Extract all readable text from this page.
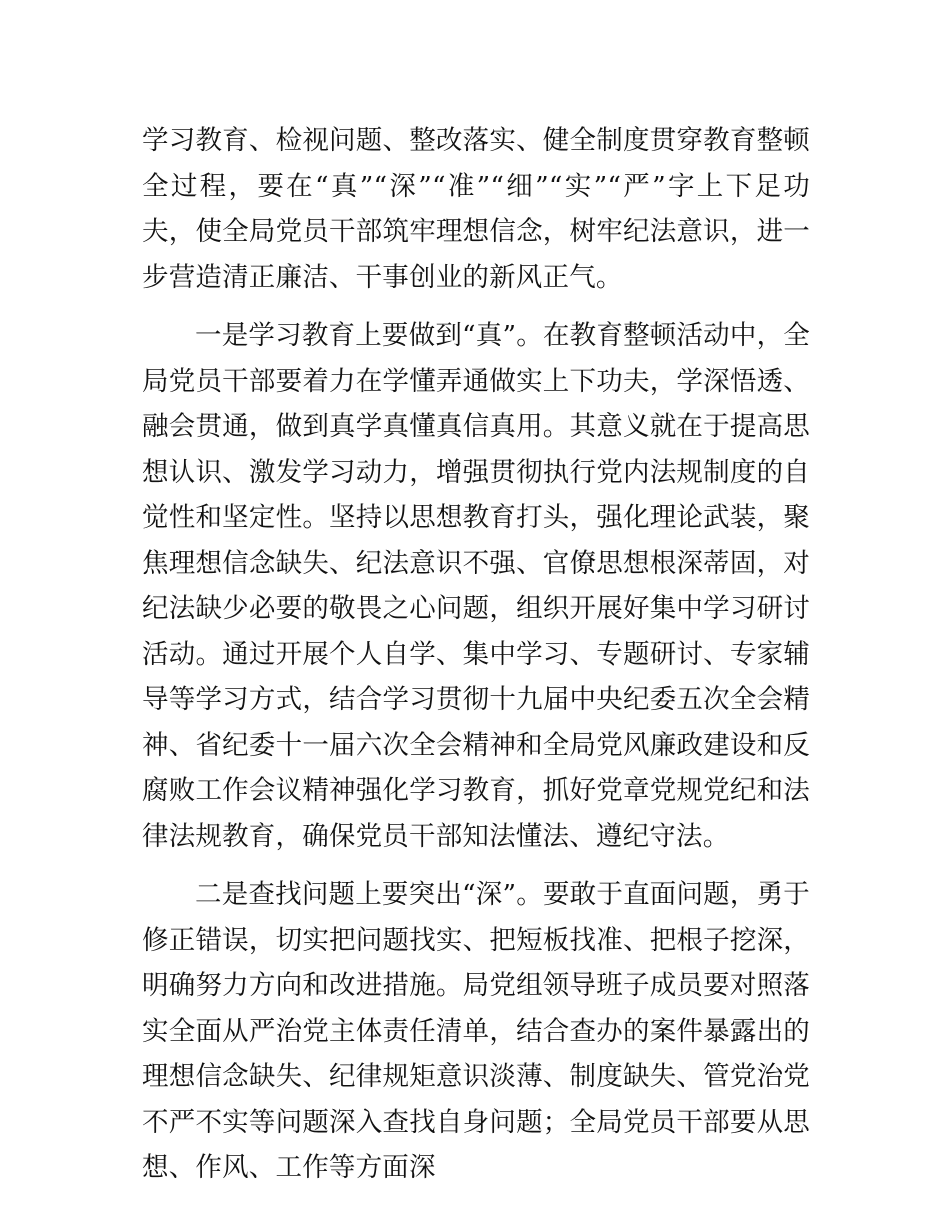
学习教育、检视问题、整改落实、健全制度贯穿教育整顿全过程，要在“真”“深”“准”“细”“实”“严”字上下足功夫，使全局党员干部筑牢理想信念，树牢纪法意识，进一步营造清正廉洁、干事创业的新风正气。

一是学习教育上要做到“真”。在教育整顿活动中，全局党员干部要着力在学懂弄通做实上下功夫，学深悟透、融会贯通，做到真学真懂真信真用。其意义就在于提高思想认识、激发学习动力，增强贯彻执行党内法规制度的自觉性和坚定性。坚持以思想教育打头，强化理论武装，聚焦理想信念缺失、纪法意识不强、官僚思想根深蒂固，对纪法缺少必要的敬畏之心问题，组织开展好集中学习研讨活动。通过开展个人自学、集中学习、专题研讨、专家辅导等学习方式，结合学习贯彻十九届中央纪委五次全会精神、省纪委十一届六次全会精神和全局党风廉政建设和反腐败工作会议精神强化学习教育，抓好党章党规党纪和法律法规教育，确保党员干部知法懂法、遵纪守法。

二是查找问题上要突出“深”。要敢于直面问题，勇于修正错误，切实把问题找实、把短板找准、把根子挖深，明确努力方向和改进措施。局党组领导班子成员要对照落实全面从严治党主体责任清单，结合查办的案件暴露出的理想信念缺失、纪律规矩意识淡薄、制度缺失、管党治党不严不实等问题深入查找自身问题；全局党员干部要从思想、作风、工作等方面深
